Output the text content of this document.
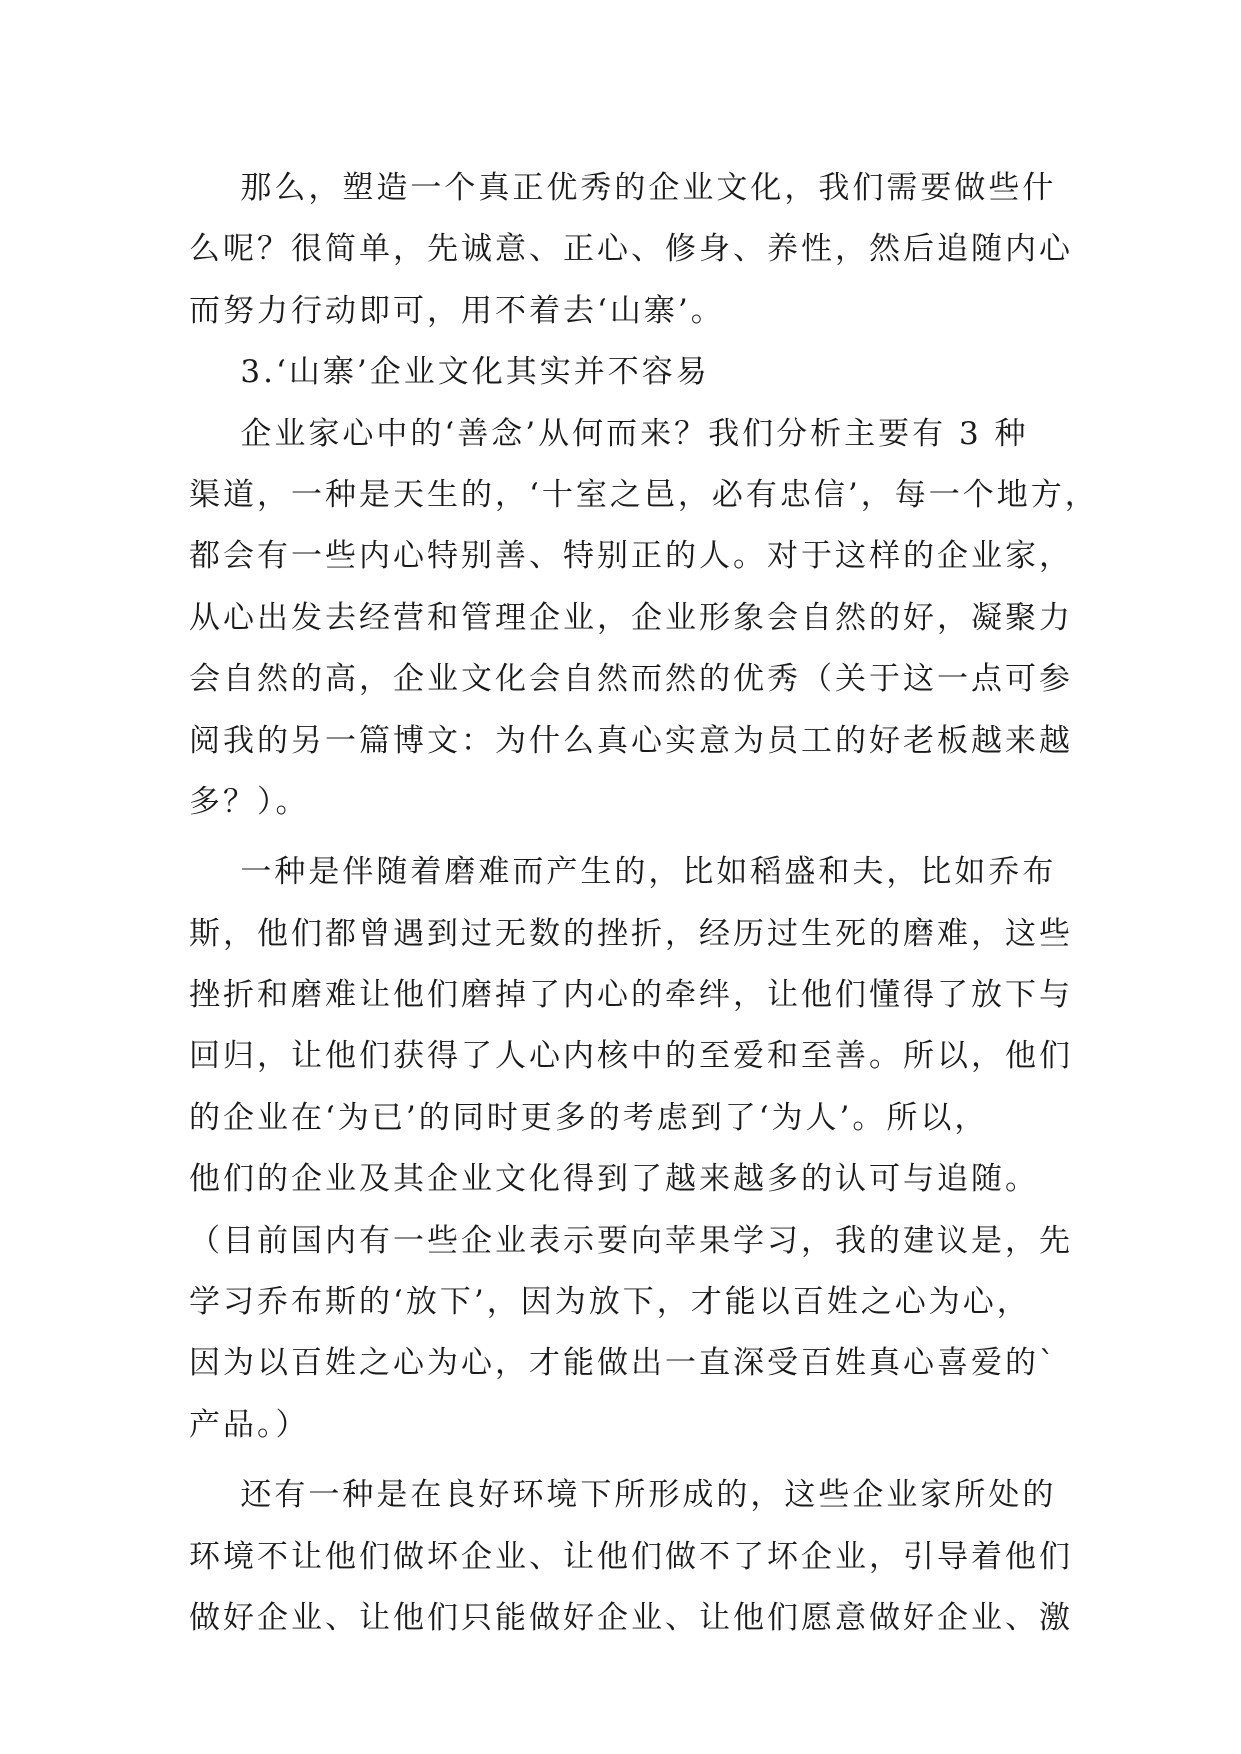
那么，塑造一个真正优秀的企业文化，我们需要做些什
么呢？很简单，先诚意、正心、修身、养性，然后追随内心
而努力行动即可，用不着去‘山寨’。
3.‘山寨’企业文化其实并不容易
企业家心中的‘善念’从何而来？我们分析主要有 3 种
渠道，一种是天生的，‘十室之邑，必有忠信’，每一个地方，
都会有一些内心特别善、特别正的人。对于这样的企业家，
从心出发去经营和管理企业，企业形象会自然的好，凝聚力
会自然的高，企业文化会自然而然的优秀（关于这一点可参
阅我的另一篇博文：为什么真心实意为员工的好老板越来越
多？）。
一种是伴随着磨难而产生的，比如稻盛和夫，比如乔布
斯，他们都曾遇到过无数的挫折，经历过生死的磨难，这些
挫折和磨难让他们磨掉了内心的牵绊，让他们懂得了放下与
回归，让他们获得了人心内核中的至爱和至善。所以，他们
的企业在‘为已’的同时更多的考虑到了‘为人’。所以，
他们的企业及其企业文化得到了越来越多的认可与追随。
（目前国内有一些企业表示要向苹果学习，我的建议是，先
学习乔布斯的‘放下’，因为放下，才能以百姓之心为心，
因为以百姓之心为心，才能做出一直深受百姓真心喜爱的`
产品。）
还有一种是在良好环境下所形成的，这些企业家所处的
环境不让他们做坏企业、让他们做不了坏企业，引导着他们
做好企业、让他们只能做好企业、让他们愿意做好企业、激
